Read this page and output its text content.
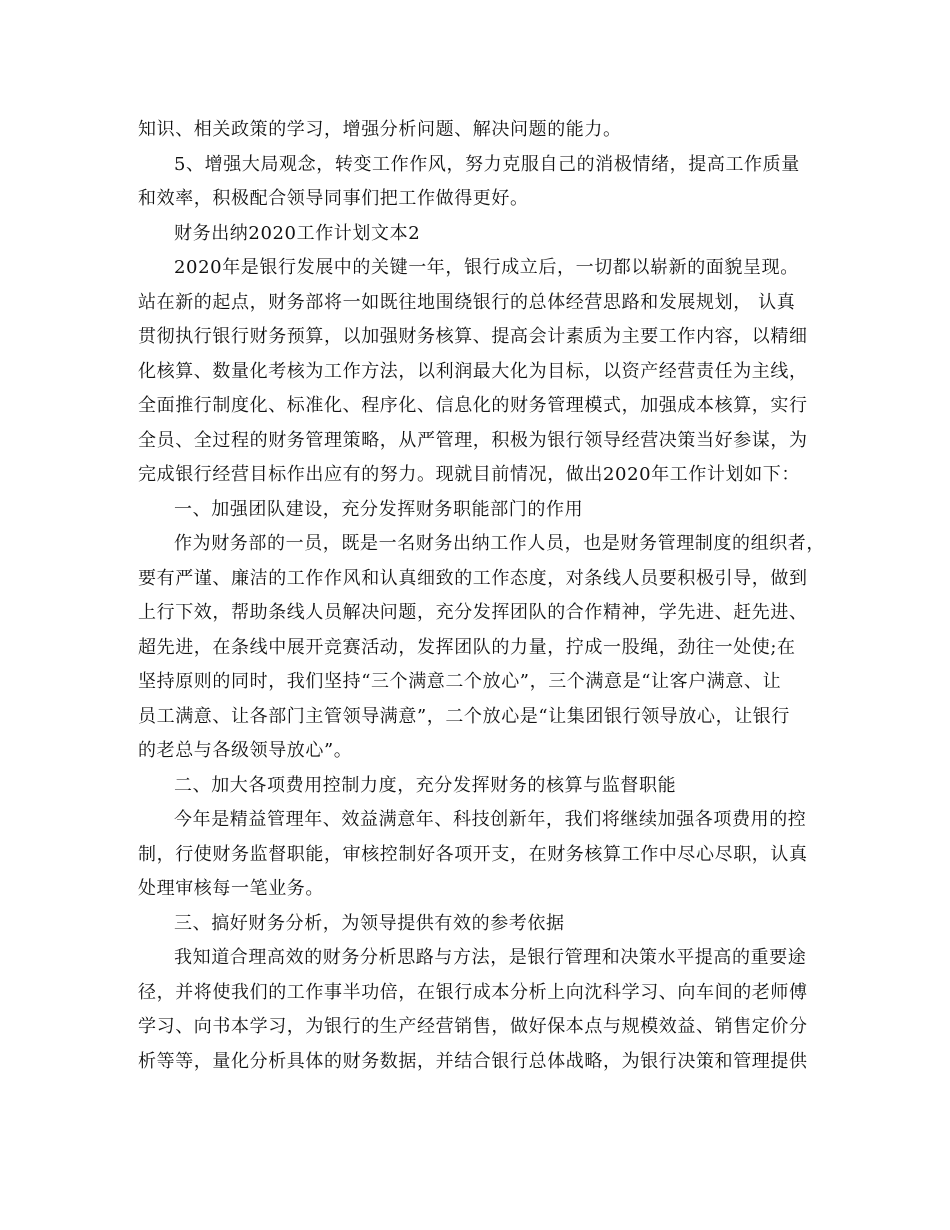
知识、相关政策的学习，增强分析问题、解决问题的能力。
5、增强大局观念，转变工作作风，努力克服自己的消极情绪，提高工作质量
和效率，积极配合领导同事们把工作做得更好。
财务出纳2020工作计划文本2
2020年是银行发展中的关键一年，银行成立后，一切都以崭新的面貌呈现。
站在新的起点，财务部将一如既往地围绕银行的总体经营思路和发展规划， 认真
贯彻执行银行财务预算，以加强财务核算、提高会计素质为主要工作内容，以精细
化核算、数量化考核为工作方法，以利润最大化为目标，以资产经营责任为主线，
全面推行制度化、标准化、程序化、信息化的财务管理模式，加强成本核算，实行
全员、全过程的财务管理策略，从严管理，积极为银行领导经营决策当好参谋，为
完成银行经营目标作出应有的努力。现就目前情况，做出2020年工作计划如下：
一、加强团队建设，充分发挥财务职能部门的作用
作为财务部的一员，既是一名财务出纳工作人员，也是财务管理制度的组织者，
要有严谨、廉洁的工作作风和认真细致的工作态度，对条线人员要积极引导，做到
上行下效，帮助条线人员解决问题，充分发挥团队的合作精神，学先进、赶先进、
超先进，在条线中展开竞赛活动，发挥团队的力量，拧成一股绳，劲往一处使;在
坚持原则的同时，我们坚持“三个满意二个放心”，三个满意是“让客户满意、让
员工满意、让各部门主管领导满意”，二个放心是“让集团银行领导放心，让银行
的老总与各级领导放心”。
二、加大各项费用控制力度，充分发挥财务的核算与监督职能
今年是精益管理年、效益满意年、科技创新年，我们将继续加强各项费用的控
制，行使财务监督职能，审核控制好各项开支，在财务核算工作中尽心尽职，认真
处理审核每一笔业务。
三、搞好财务分析，为领导提供有效的参考依据
我知道合理高效的财务分析思路与方法，是银行管理和决策水平提高的重要途
径，并将使我们的工作事半功倍，在银行成本分析上向沈科学习、向车间的老师傅
学习、向书本学习，为银行的生产经营销售，做好保本点与规模效益、销售定价分
析等等，量化分析具体的财务数据，并结合银行总体战略，为银行决策和管理提供
